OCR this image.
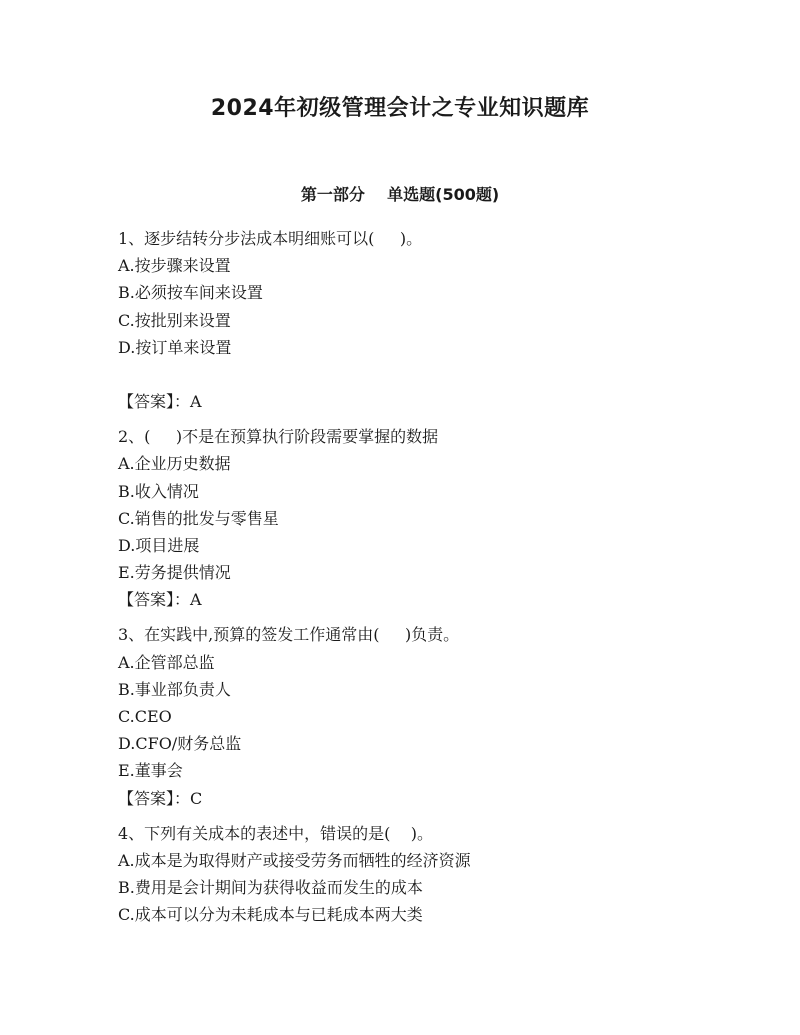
2024年初级管理会计之专业知识题库
第一部分    单选题(500题)

1、逐步结转分步法成本明细账可以(     )。

A.按步骤来设置

B.必须按车间来设置

C.按批别来设置

D.按订单来设置

【答案】：A

2、(     )不是在预算执行阶段需要掌握的数据

A.企业历史数据

B.收入情况

C.销售的批发与零售星

D.项目进展

E.劳务提供情况

【答案】：A

3、在实践中,预算的签发工作通常由(     )负责。

A.企管部总监

B.事业部负责人

C.CEO

D.CFO/财务总监

E.董事会

【答案】：C

4、下列有关成本的表述中，错误的是(    )。

A.成本是为取得财产或接受劳务而牺牲的经济资源

B.费用是会计期间为获得收益而发生的成本

C.成本可以分为未耗成本与已耗成本两大类
